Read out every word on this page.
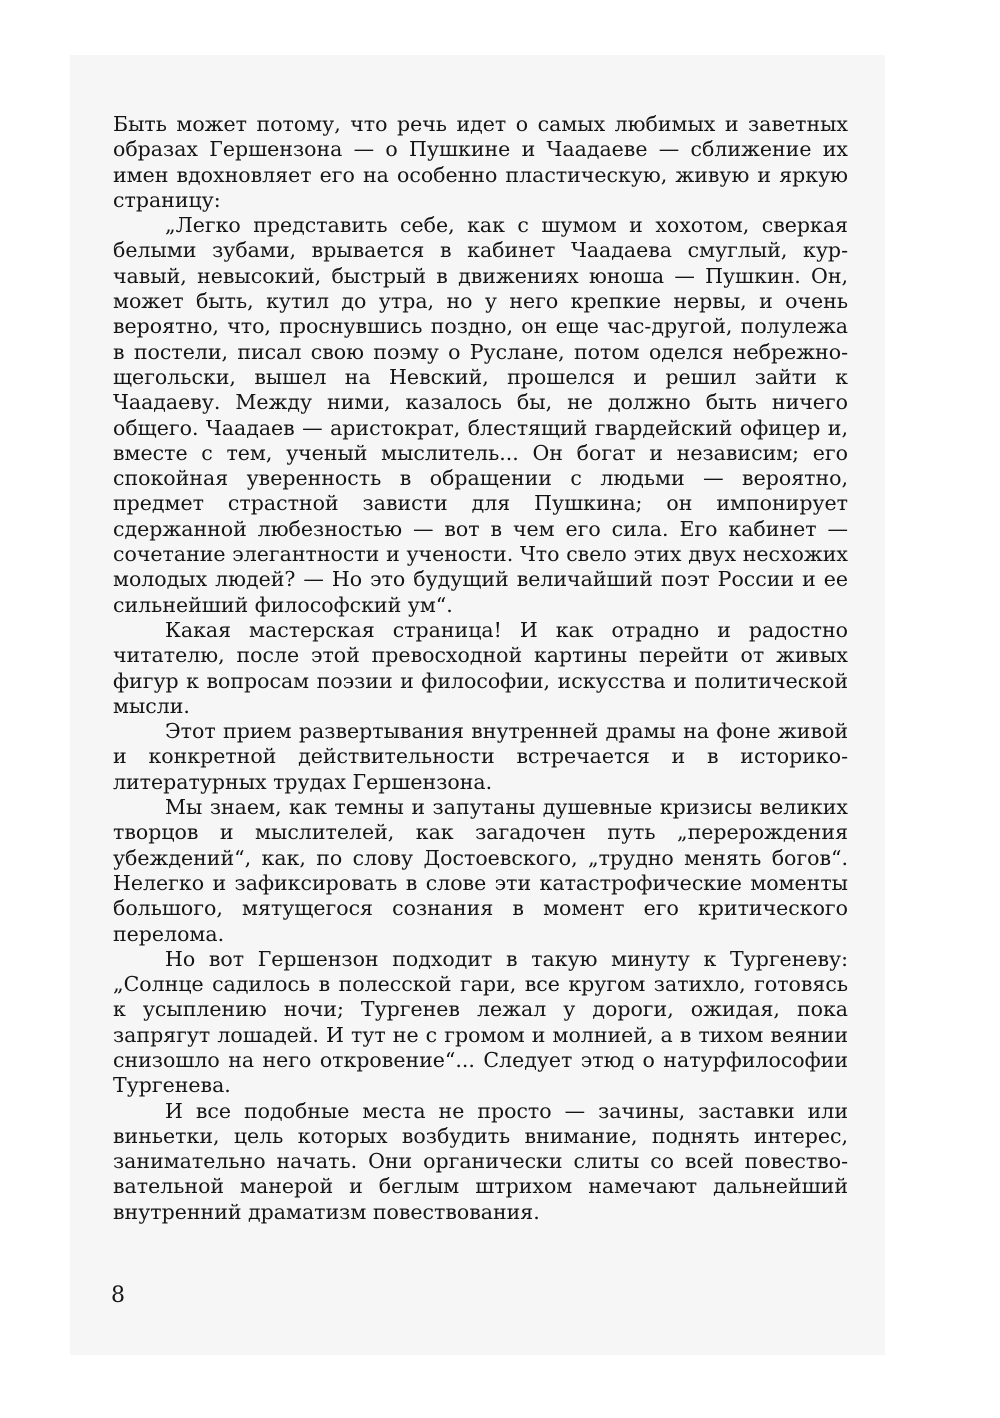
Быть может потому, что речь идет о самых любимых и заветных образах Гершензона — о Пушкине и Чаадаеве — сближение их имен вдохновляет его на особенно пластическую, живую и яркую страницу:

„Легко представить себе, как с шумом и хохотом, сверкая белыми зубами, врывается в кабинет Чаадаева смуглый, курчавый, невысокий, быстрый в движениях юноша — Пушкин. Он, может быть, кутил до утра, но у него крепкие нервы, и очень вероятно, что, проснувшись поздно, он еще час-другой, полулежа в постели, писал свою поэму о Руслане, потом оделся небрежно-щегольски, вышел на Невский, прошелся и решил зайти к Чаадаеву. Между ними, казалось бы, не должно быть ничего общего. Чаадаев — аристократ, блестящий гвардейский офицер и, вместе с тем, ученый мыслитель... Он богат и независим; его спокойная уверенность в обращении с людьми — вероятно, предмет страстной зависти для Пушкина; он импонирует сдержанной любезностью — вот в чем его сила. Его кабинет — сочетание элегантности и учености. Что свело этих двух несхожих молодых людей? — Но это будущий величайший поэт России и ее сильнейший философский ум“.

Какая мастерская страница! И как отрадно и радостно читателю, после этой превосходной картины перейти от живых фигур к вопросам поэзии и философии, искусства и политической мысли.

Этот прием развертывания внутренней драмы на фоне живой и конкретной действительности встречается и в историко-литературных трудах Гершензона.

Мы знаем, как темны и запутаны душевные кризисы великих творцов и мыслителей, как загадочен путь „перерождения убеждений“, как, по слову Достоевского, „трудно менять богов“. Нелегко и зафиксировать в слове эти катастрофические моменты большого, мятущегося сознания в момент его критического перелома.

Но вот Гершензон подходит в такую минуту к Тургеневу: „Солнце садилось в полесской гари, все кругом затихло, готовясь к усыплению ночи; Тургенев лежал у дороги, ожидая, пока запрягут лошадей. И тут не с громом и молнией, а в тихом веянии снизошло на него откровение“... Следует этюд о натурфилософии Тургенева.

И все подобные места не просто — зачины, заставки или виньетки, цель которых возбудить внимание, поднять интерес, занимательно начать. Они органически слиты со всей повествовательной манерой и беглым штрихом намечают дальнейший внутренний драматизм повествования.

8
